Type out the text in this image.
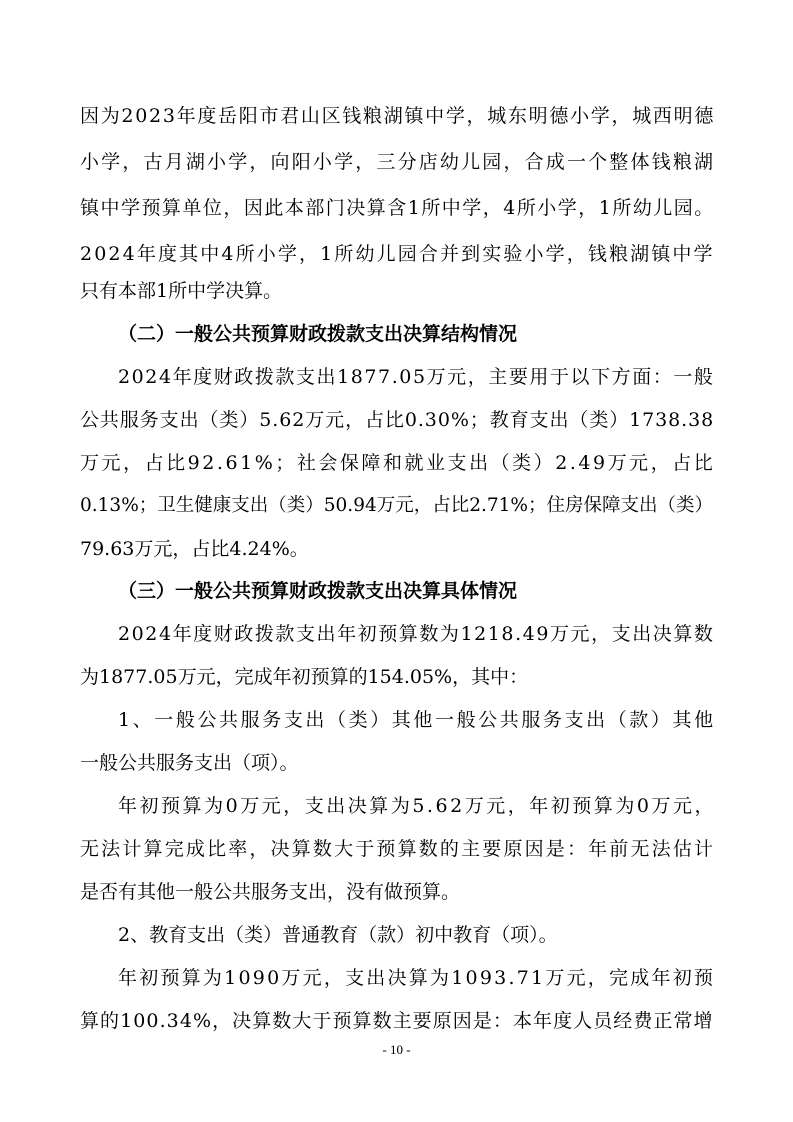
因为2023年度岳阳市君山区钱粮湖镇中学，城东明德小学，城西明德
小学，古月湖小学，向阳小学，三分店幼儿园，合成一个整体钱粮湖
镇中学预算单位，因此本部门决算含1所中学，4所小学，1所幼儿园。
2024年度其中4所小学，1所幼儿园合并到实验小学，钱粮湖镇中学
只有本部1所中学决算。
（二）一般公共预算财政拨款支出决算结构情况
2024年度财政拨款支出1877.05万元，主要用于以下方面：一般
公共服务支出（类）5.62万元，占比0.30%；教育支出（类）1738.38
万元，占比92.61%；社会保障和就业支出（类）2.49万元，占比
0.13%；卫生健康支出（类）50.94万元，占比2.71%；住房保障支出（类）
79.63万元，占比4.24%。
（三）一般公共预算财政拨款支出决算具体情况
2024年度财政拨款支出年初预算数为1218.49万元，支出决算数
为1877.05万元，完成年初预算的154.05%，其中：
1、一般公共服务支出（类）其他一般公共服务支出（款）其他
一般公共服务支出（项）。
年初预算为0万元，支出决算为5.62万元，年初预算为0万元，
无法计算完成比率，决算数大于预算数的主要原因是：年前无法估计
是否有其他一般公共服务支出，没有做预算。
2、教育支出（类）普通教育（款）初中教育（项）。
年初预算为1090万元，支出决算为1093.71万元，完成年初预
算的100.34%，决算数大于预算数主要原因是：本年度人员经费正常增
- 10 -
